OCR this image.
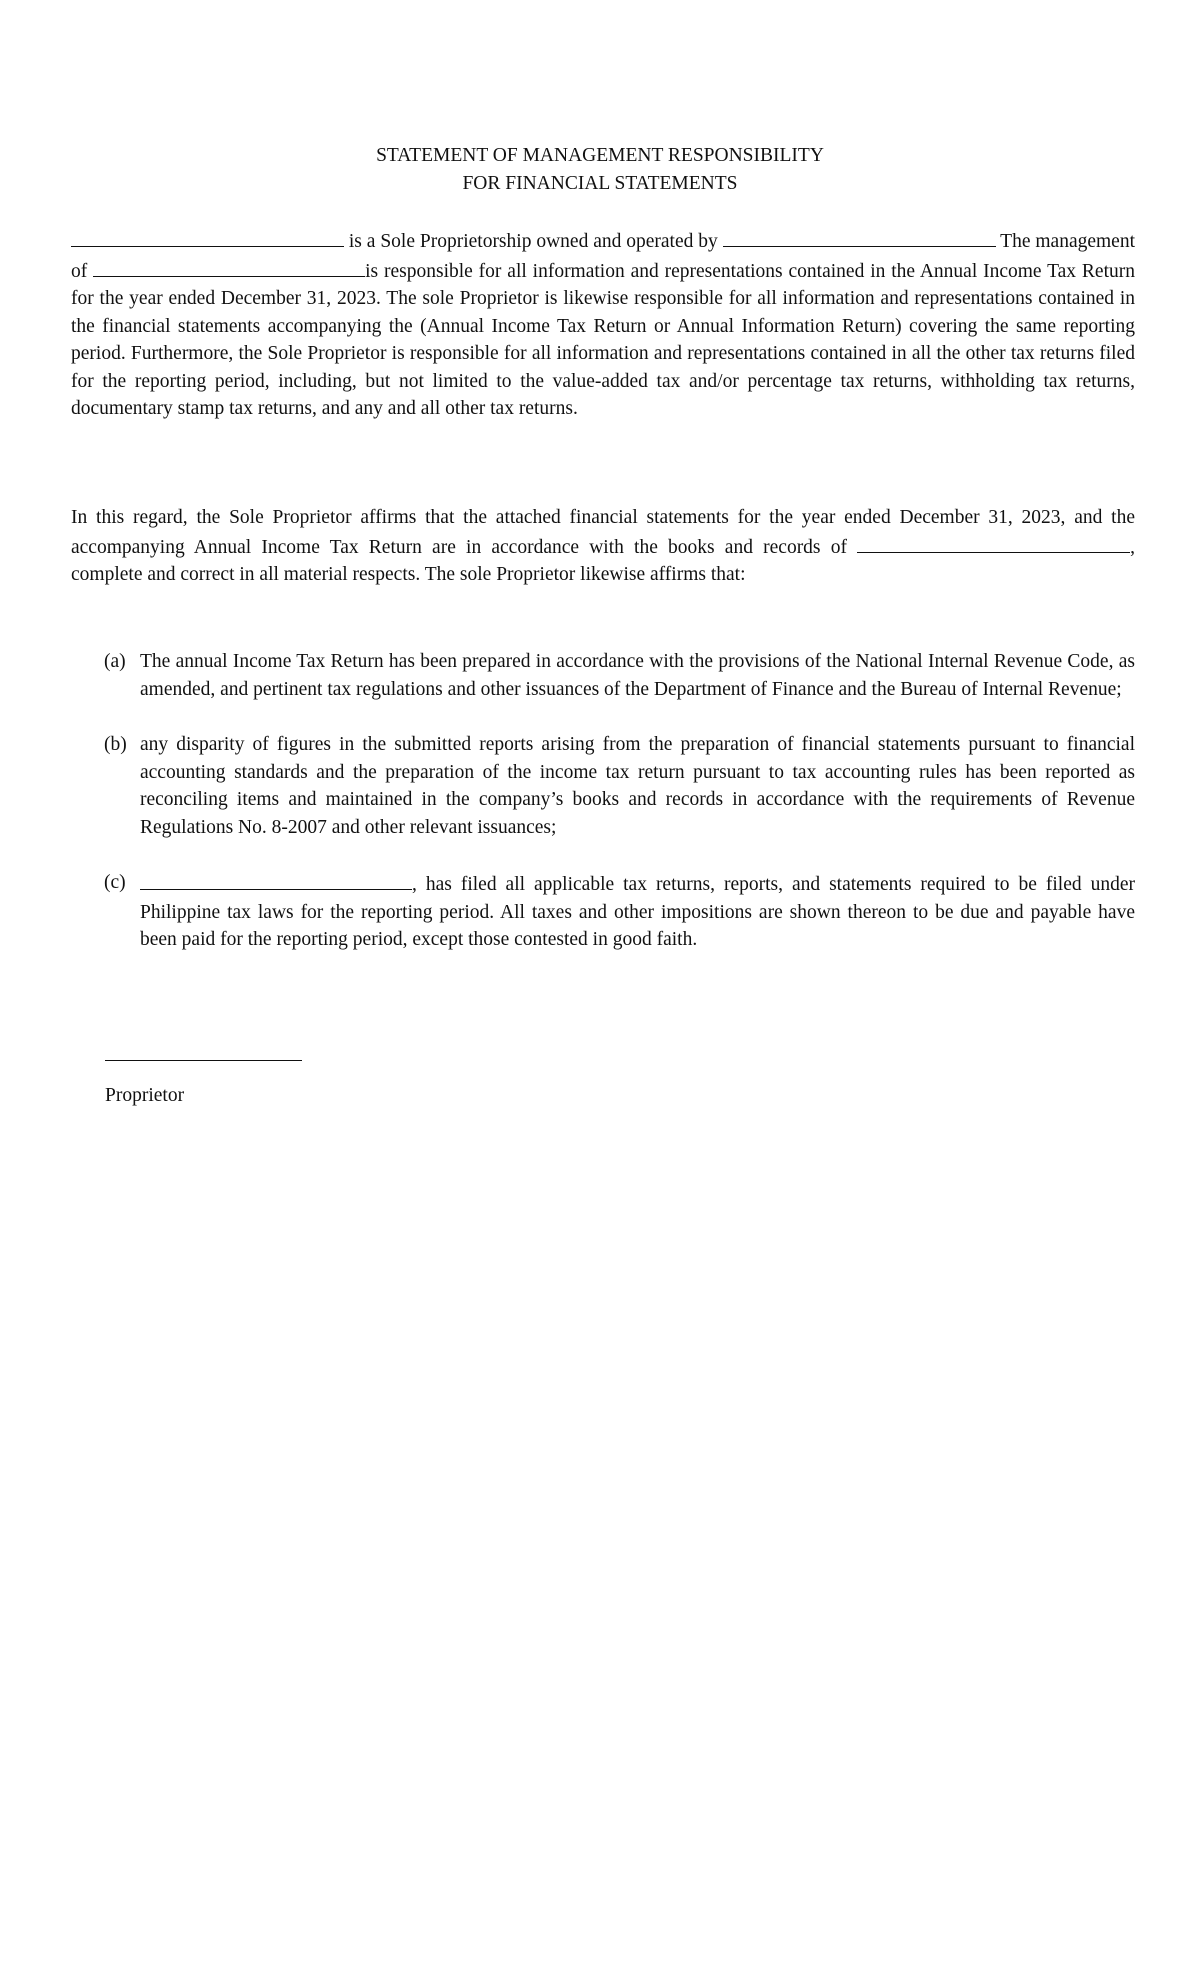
STATEMENT OF MANAGEMENT RESPONSIBILITY
FOR FINANCIAL STATEMENTS

is a Sole Proprietorship owned and operated by	The management of	is responsible for all information and representations contained in the Annual Income Tax Return for the year ended December 31, 2023. The sole Proprietor is likewise responsible for all information and representations contained in the financial statements accompanying the (Annual Income Tax Return or Annual Information Return) covering the same reporting period. Furthermore, the Sole Proprietor is responsible for all information and representations contained in all the other tax returns filed for the reporting period, including, but not limited to the value-added tax and/or percentage tax returns, withholding tax returns, documentary stamp tax returns, and any and all other tax returns.

In this regard, the Sole Proprietor affirms that the attached financial statements for the year ended December 31, 2023, and the accompanying Annual Income Tax Return are in accordance with the books and records of	, complete and correct in all material respects. The sole Proprietor likewise affirms that:

(a) The annual Income Tax Return has been prepared in accordance with the provisions of the National Internal Revenue Code, as amended, and pertinent tax regulations and other issuances of the Department of Finance and the Bureau of Internal Revenue;
(b) any disparity of figures in the submitted reports arising from the preparation of financial statements pursuant to financial accounting standards and the preparation of the income tax return pursuant to tax accounting rules has been reported as reconciling items and maintained in the company’s books and records in accordance with the requirements of Revenue Regulations No. 8-2007 and other relevant issuances;
(c)	, has filed all applicable tax returns, reports, and statements required to be filed under Philippine tax laws for the reporting period. All taxes and other impositions are shown thereon to be due and payable have been paid for the reporting period, except those contested in good faith.
Proprietor
